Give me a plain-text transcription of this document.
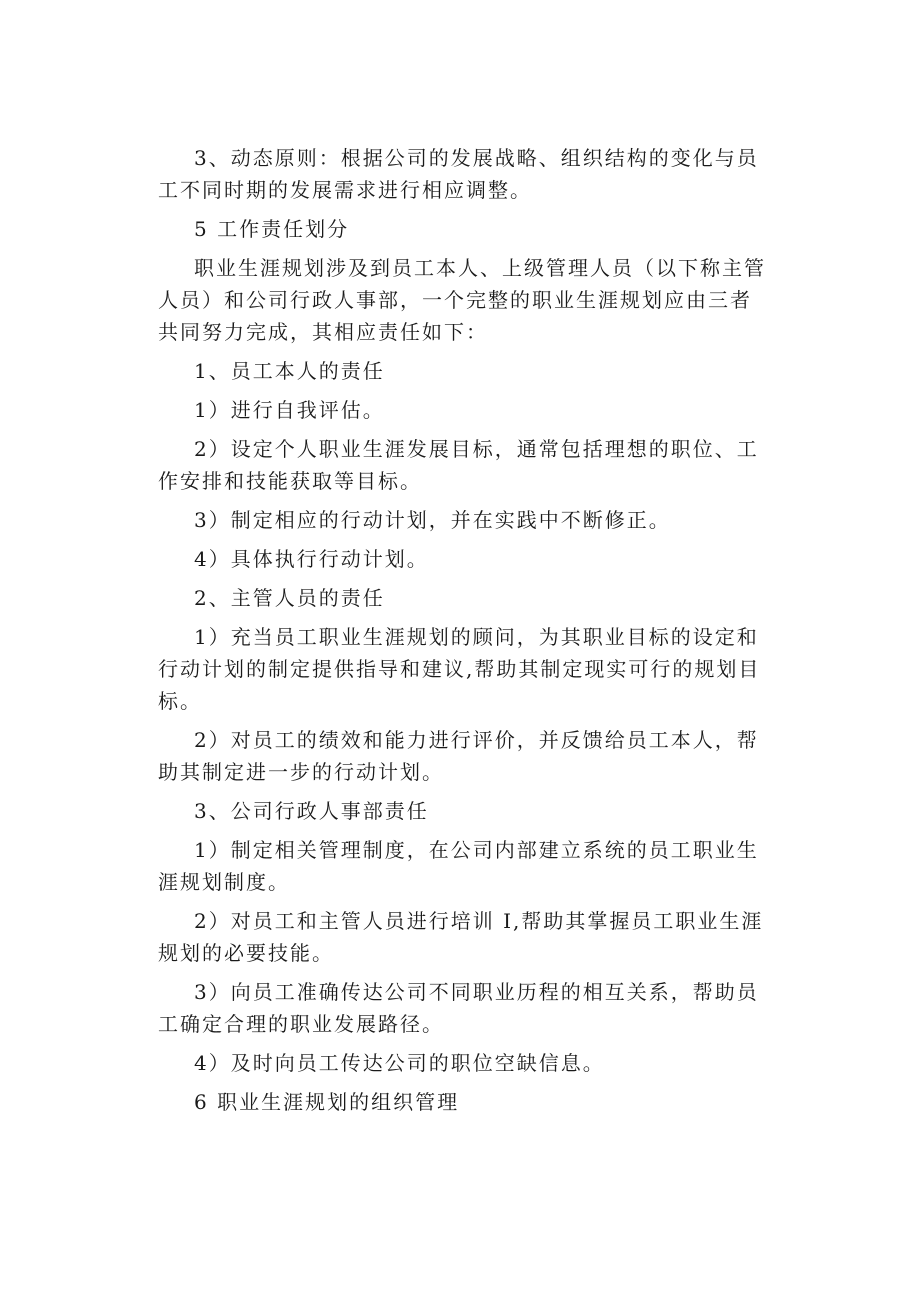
3、动态原则：根据公司的发展战略、组织结构的变化与员工不同时期的发展需求进行相应调整。

5 工作责任划分

职业生涯规划涉及到员工本人、上级管理人员（以下称主管人员）和公司行政人事部，一个完整的职业生涯规划应由三者共同努力完成，其相应责任如下：

1、员工本人的责任

1）进行自我评估。

2）设定个人职业生涯发展目标，通常包括理想的职位、工作安排和技能获取等目标。

3）制定相应的行动计划，并在实践中不断修正。

4）具体执行行动计划。

2、主管人员的责任

1）充当员工职业生涯规划的顾问，为其职业目标的设定和行动计划的制定提供指导和建议,帮助其制定现实可行的规划目标。

2）对员工的绩效和能力进行评价，并反馈给员工本人，帮助其制定进一步的行动计划。

3、公司行政人事部责任

1）制定相关管理制度，在公司内部建立系统的员工职业生涯规划制度。

2）对员工和主管人员进行培训 I,帮助其掌握员工职业生涯规划的必要技能。

3）向员工准确传达公司不同职业历程的相互关系，帮助员工确定合理的职业发展路径。

4）及时向员工传达公司的职位空缺信息。

6 职业生涯规划的组织管理
